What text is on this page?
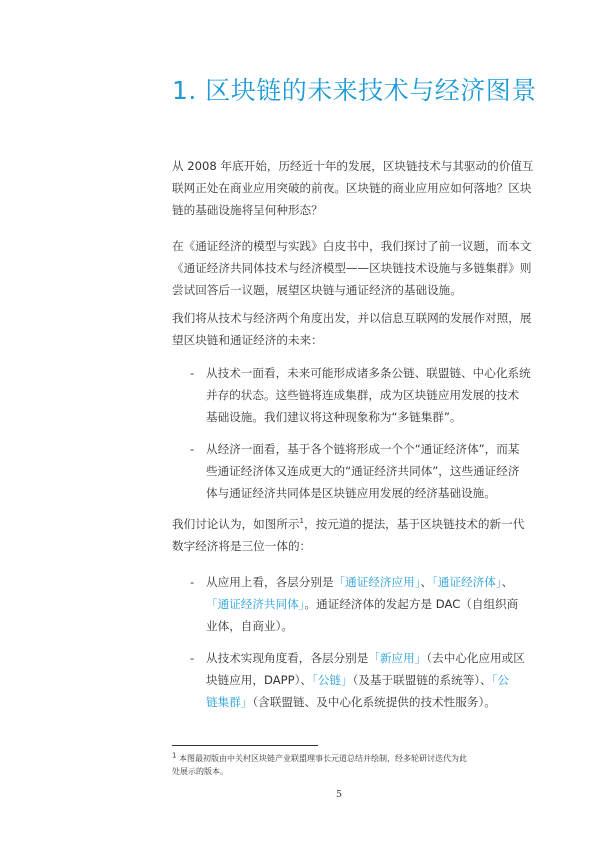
1. 区块链的未来技术与经济图景
从 2008 年底开始，历经近十年的发展，区块链技术与其驱动的价值互
联网正处在商业应用突破的前夜。区块链的商业应用应如何落地？区块
链的基础设施将呈何种形态？
在《通证经济的模型与实践》白皮书中，我们探讨了前一议题，而本文
《通证经济共同体技术与经济模型——区块链技术设施与多链集群》则
尝试回答后一议题，展望区块链与通证经济的基础设施。
我们将从技术与经济两个角度出发，并以信息互联网的发展作对照，展
望区块链和通证经济的未来：
- 从技术一面看，未来可能形成诸多条公链、联盟链、中心化系统
并存的状态。这些链将连成集群，成为区块链应用发展的技术
基础设施。我们建议将这种现象称为“多链集群”。
- 从经济一面看，基于各个链将形成一个个“通证经济体”，而某
些通证经济体又连成更大的“通证经济共同体”，这些通证经济
体与通证经济共同体是区块链应用发展的经济基础设施。
我们讨论认为，如图所示$^1$，按元道的提法，基于区块链技术的新一代
数字经济将是三位一体的：
- 从应用上看，各层分别是「通证经济应用」、「通证经济体」、
「通证经济共同体」。通证经济体的发起方是 DAC（自组织商
业体，自商业）。
- 从技术实现角度看，各层分别是「新应用」（去中心化应用或区
块链应用，DAPP）、「公链」（及基于联盟链的系统等）、「公
链集群」（含联盟链、及中心化系统提供的技术性服务）。
$^1$ 本图最初版由中关村区块链产业联盟理事长元道总结并绘制，经多轮研讨迭代为此
处展示的版本。
5
